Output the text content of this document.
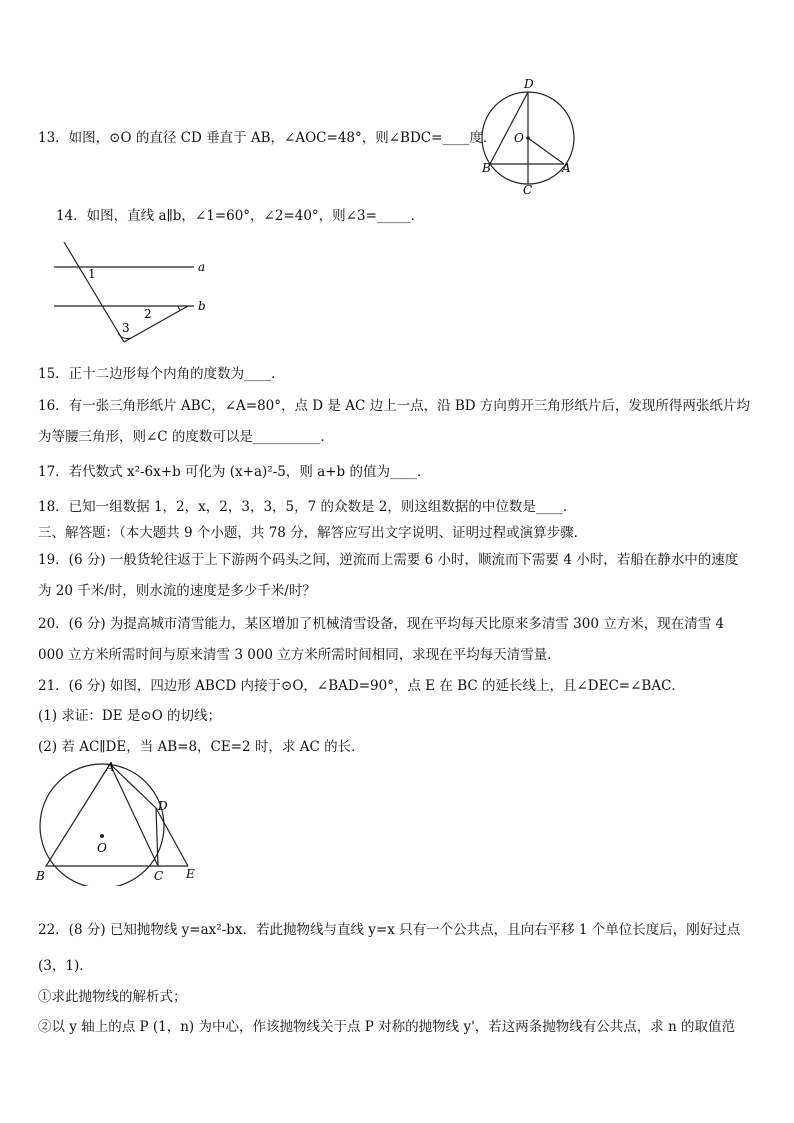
13．如图，⊙O 的直径 CD 垂直于 AB，∠AOC=48°，则∠BDC=____度．
D
O
B	A
C
14．如图，直线 a∥b，∠1=60°，∠2=40°，则∠3=_____．
a
b
1
2
3
15．正十二边形每个内角的度数为____．
16．有一张三角形纸片 ABC，∠A=80°，点 D 是 AC 边上一点，沿 BD 方向剪开三角形纸片后，发现所得两张纸片均
为等腰三角形，则∠C 的度数可以是__________．
17．若代数式 x²-6x+b 可化为 (x+a)²-5，则 a+b 的值为____．
18．已知一组数据 1，2，x，2，3，3，5，7 的众数是 2，则这组数据的中位数是____．
三、解答题：（本大题共 9 个小题，共 78 分，解答应写出文字说明、证明过程或演算步骤．
19．(6 分) 一般货轮往返于上下游两个码头之间，逆流而上需要 6 小时，顺流而下需要 4 小时，若船在静水中的速度
为 20 千米/时，则水流的速度是多少千米/时？
20．(6 分) 为提高城市清雪能力，某区增加了机械清雪设备，现在平均每天比原来多清雪 300 立方米，现在清雪 4
000 立方米所需时间与原来清雪 3 000 立方米所需时间相同，求现在平均每天清雪量．
21．(6 分) 如图，四边形 ABCD 内接于⊙O，∠BAD=90°，点 E 在 BC 的延长线上，且∠DEC=∠BAC．
(1) 求证：DE 是⊙O 的切线；
(2) 若 AC∥DE，当 AB=8，CE=2 时，求 AC 的长．
A
D
O
B	C E
22．(8 分) 已知抛物线 y=ax²-bx．若此抛物线与直线 y=x 只有一个公共点，且向右平移 1 个单位长度后，刚好过点
(3，1)．
①求此抛物线的解析式；
②以 y 轴上的点 P (1，n) 为中心，作该抛物线关于点 P 对称的抛物线 y'，若这两条抛物线有公共点，求 n 的取值范
